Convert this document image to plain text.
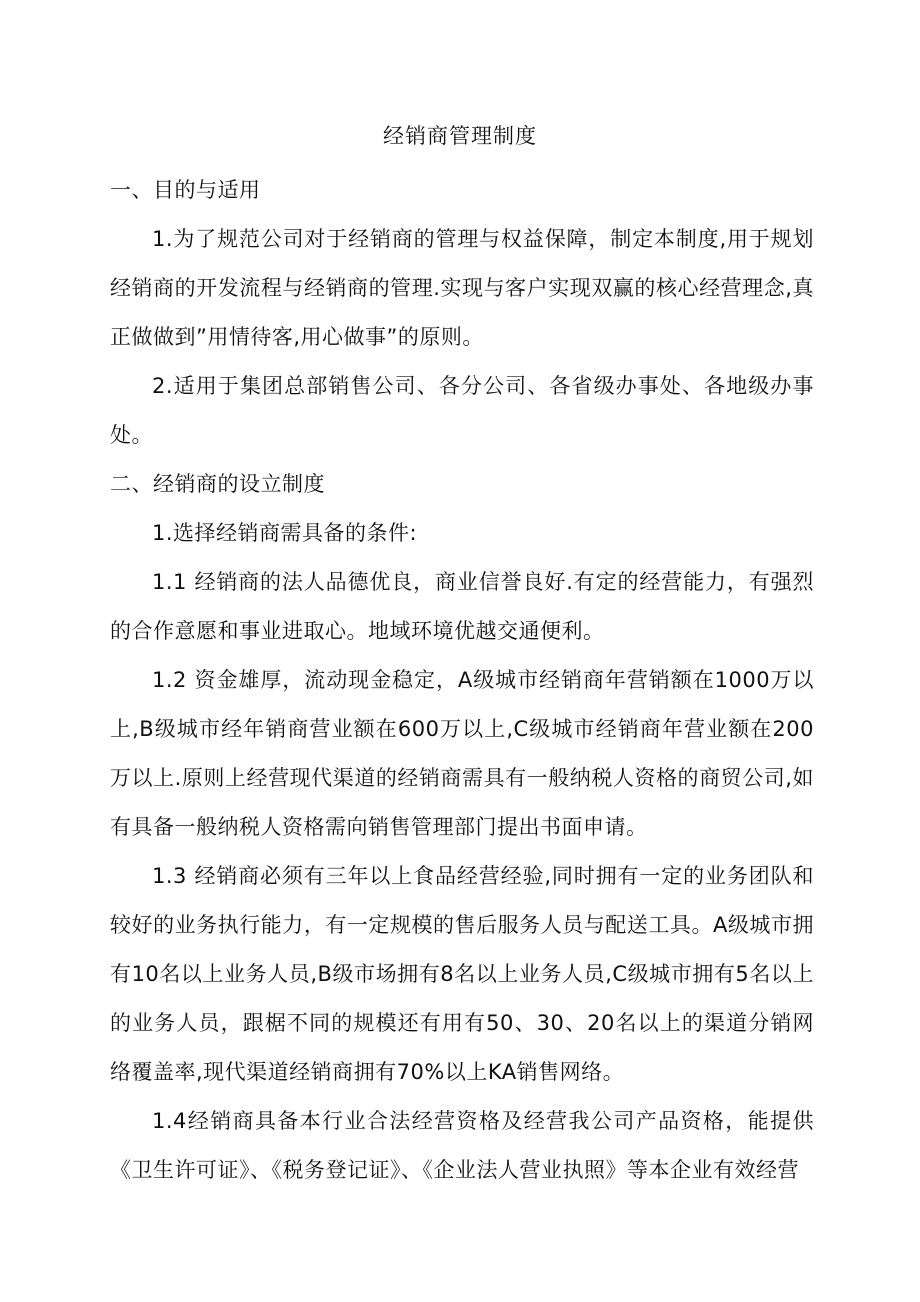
经销商管理制度

一、目的与适用

1.为了规范公司对于经销商的管理与权益保障，制定本制度,用于规划经销商的开发流程与经销商的管理.实现与客户实现双赢的核心经营理念,真正做做到”用情待客,用心做事”的原则。

2.适用于集团总部销售公司、各分公司、各省级办事处、各地级办事处。

二、经销商的设立制度

1.选择经销商需具备的条件:

1.1 经销商的法人品德优良，商业信誉良好.有定的经营能力，有强烈的合作意愿和事业进取心。地域环境优越交通便利。

1.2 资金雄厚，流动现金稳定，A级城市经销商年营销额在1000万以上,B级城市经年销商营业额在600万以上,C级城市经销商年营业额在200万以上.原则上经营现代渠道的经销商需具有一般纳税人资格的商贸公司,如有具备一般纳税人资格需向销售管理部门提出书面申请。

1.3 经销商必须有三年以上食品经营经验,同时拥有一定的业务团队和较好的业务执行能力，有一定规模的售后服务人员与配送工具。A级城市拥有10名以上业务人员,B级市场拥有8名以上业务人员,C级城市拥有5名以上的业务人员，跟椐不同的规模还有用有50、30、20名以上的渠道分销网络覆盖率,现代渠道经销商拥有70%以上KA销售网络。

1.4经销商具备本行业合法经营资格及经营我公司产品资格，能提供《卫生许可证》、《税务登记证》、《企业法人营业执照》等本企业有效经营
